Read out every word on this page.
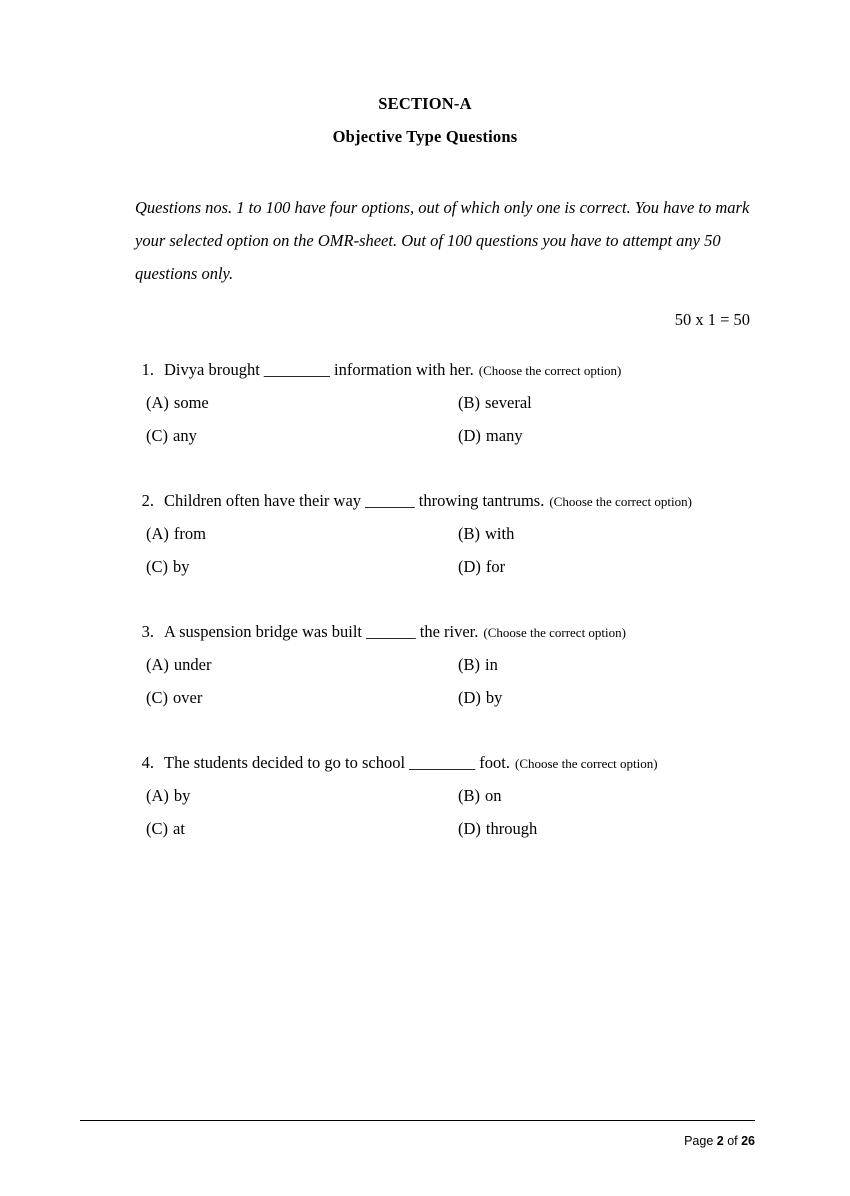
SECTION-A
Objective Type Questions
Questions nos. 1 to 100 have four options, out of which only one is correct. You have to mark your selected option on the OMR-sheet. Out of 100 questions you have to attempt any 50 questions only.
50 x 1 = 50
1. Divya brought ________ information with her. (Choose the correct option)
(A) some	(B) several
(C) any	(D) many
2. Children often have their way ______ throwing tantrums. (Choose the correct option)
(A) from	(B) with
(C) by	(D) for
3. A suspension bridge was built ______ the river. (Choose the correct option)
(A) under	(B) in
(C) over	(D) by
4. The students decided to go to school ________ foot. (Choose the correct option)
(A) by	(B) on
(C) at	(D) through
Page 2 of 26
